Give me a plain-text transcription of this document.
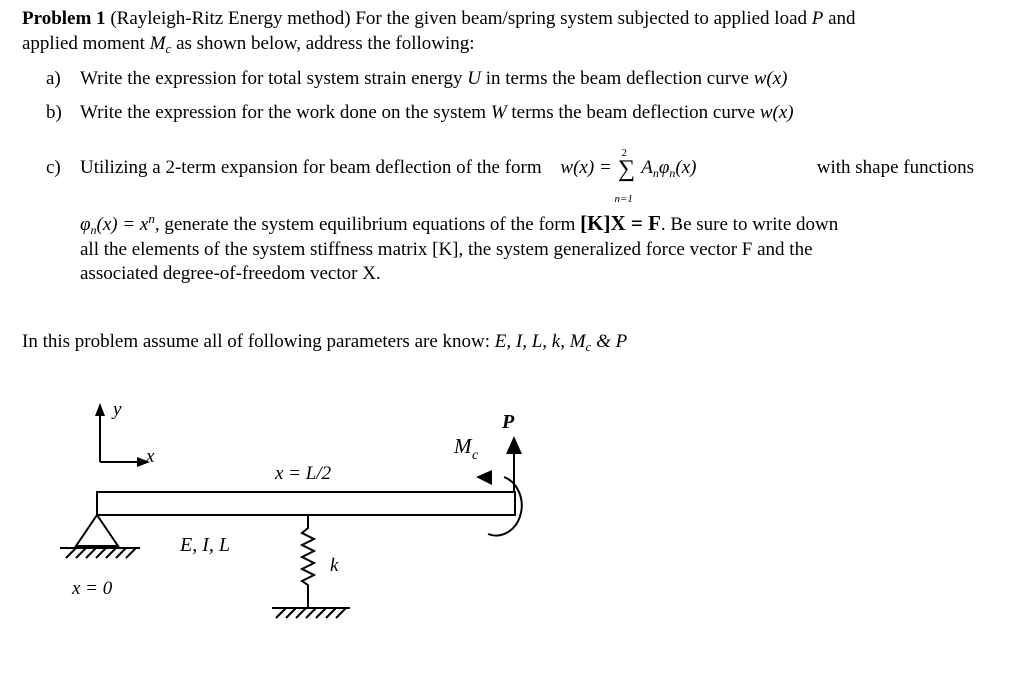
Problem 1 (Rayleigh-Ritz Energy method) For the given beam/spring system subjected to applied load P and
applied moment $M_c$ as shown below, address the following:
a) Write the expression for total system strain energy U in terms the beam deflection curve w(x)
b) Write the expression for the work done on the system W terms the beam deflection curve w(x)
c) Utilizing a 2-term expansion for beam deflection of the form w(x) = ∑
2
n=1
$A_n\varphi_n(x)$	with shape functions
$\varphi_n(x) = x^n$, generate the system equilibrium equations of the form [K]X = F. Be sure to write down
all the elements of the system stiffness matrix [K], the system generalized force vector F and the
associated degree-of-freedom vector X.
In this problem assume all of following parameters are know: E, I, L, k, $M_c$ & P
y
x
x = L/2
M c
P
E, I, L
k
x = 0
